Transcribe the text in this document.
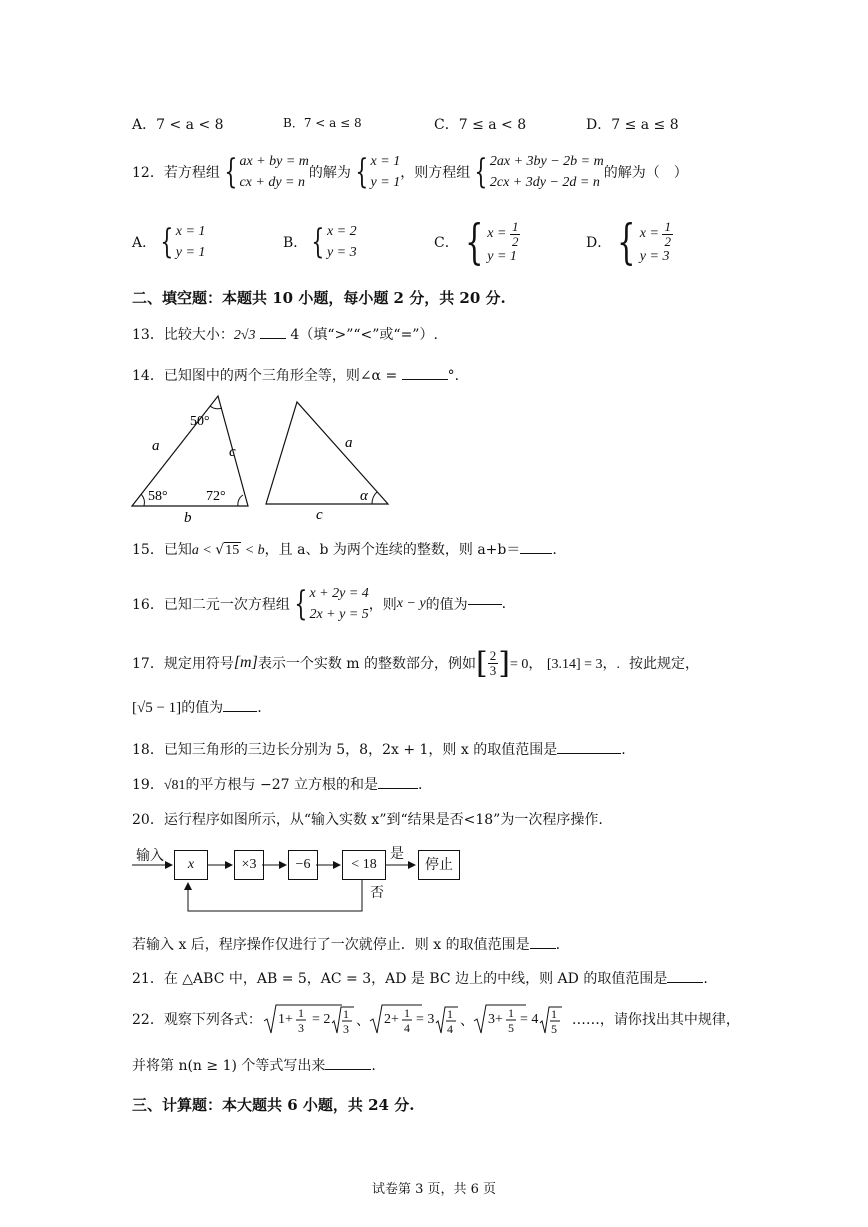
A．7 < a < 8	B．7 < a ≤ 8	C．7 ≤ a < 8	D．7 ≤ a ≤ 8
12．若方程组 { ax + by = m
cx + dy = n
的解为 { x = 1
y = 1
，则方程组 { 2ax + 3by − 2b = m
2cx + 3dy − 2d = n
的解为（　）
A． { x = 1
y = 1
B． { x = 2
y = 3
C． { x =
$\frac{1}{2}$
y = 1
D． { x =
$\frac{1}{2}$
y = 3
二、填空题：本题共 10 小题，每小题 2 分，共 20 分.
13．比较大小：2√3 4（填“>”“<”或“=”）.
14．已知图中的两个三角形全等，则∠α =	°.
50°
58°	72°
a
b
c
a
c
α
15．已知a < √15 < b，且 a、b 为两个连续的整数，则 a+b＝ .
16．已知二元一次方程组 { x + 2y = 4
2x + y = 5
，则 x − y 的值为 .
17．规定用符号 [m] 表示一个实数 m 的整数部分，例如 [ $\frac{2}{3}$ ] = 0，
[3.14] = 3，.
按此规定，
[√5 − 1]的值为 .
18．已知三角形的三边长分别为 5，8，2x + 1，则 x 的取值范围是	.
19．√81的平方根与 −27 立方根的和是	.
20．运行程序如图所示，从“输入实数 x”到“结果是否<18”为一次程序操作.
输入
x	×3	−6	< 18
是
否
停止
若输入 x 后，程序操作仅进行了一次就停止．则 x 的取值范围是 .
21．在 △ABC 中，AB = 5，AC = 3，AD 是 BC 边上的中线，则 AD 的取值范围是	.
22．观察下列各式： 1+ 1
3
= 2 1
3 、 2+ 1
4
= 3 1
4 、 3+ 1
5
= 4 1
5
……，请你找出其中规律，
并将第 n(n ≥ 1) 个等式写出来	.
三、计算题：本大题共 6 小题，共 24 分.
试卷第 3 页，共 6 页
